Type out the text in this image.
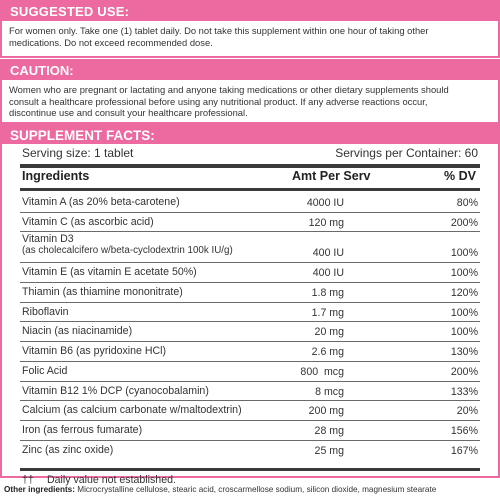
SUGGESTED USE:
For women only. Take one (1) tablet daily. Do not take this supplement within one hour of taking other
medications. Do not exceed recommended dose.
CAUTION:
Women who are pregnant or lactating and anyone taking medications or other dietary supplements should
consult a healthcare professional before using any nutritional product. If any adverse reactions occur,
discontinue use and consult your healthcare professional.
SUPPLEMENT FACTS:
Serving size: 1 tablet	Servings per Container: 60
Ingredients	Amt Per Serv	% DV
Vitamin A (as 20% beta-carotene)	4000 IU	80%
Vitamin C (as ascorbic acid)	120 mg	200%
Vitamin D3
(as cholecalcifero w/beta-cyclodextrin 100k IU/g)	400 IU	100%
Vitamin E (as vitamin E acetate 50%)	400 IU	100%
Thiamin (as thiamine mononitrate)	1.8 mg	120%
Riboflavin	1.7 mg	100%
Niacin (as niacinamide)	20 mg	100%
Vitamin B6 (as pyridoxine HCl)	2.6 mg	130%
Folic Acid	800  mcg	200%
Vitamin B12 1% DCP (cyanocobalamin)	8 mcg	133%
Calcium (as calcium carbonate w/maltodextrin)	200 mg	20%
Iron (as ferrous fumarate)	28 mg	156%
Zinc (as zinc oxide)	25 mg	167%
†† Daily value not established.
Other ingredients: Microcrystalline cellulose, stearic acid, croscarmellose sodium, silicon dioxide, magnesium stearate
